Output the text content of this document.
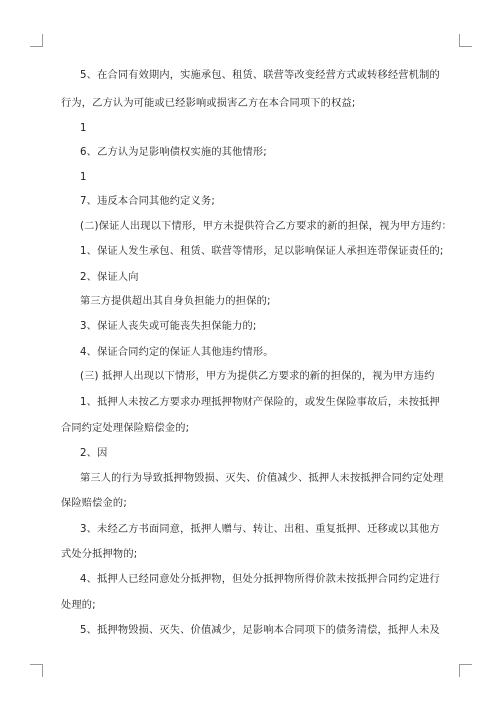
5、在合同有效期内，实施承包、租赁、联营等改变经营方式或转移经营机制的
行为，乙方认为可能或已经影响或损害乙方在本合同项下的权益;
1
6、乙方认为足影响债权实施的其他情形;
1
7、违反本合同其他约定义务;
(二)保证人出现以下情形，甲方未提供符合乙方要求的新的担保，视为甲方违约：
1、保证人发生承包、租赁、联营等情形，足以影响保证人承担连带保证责任的;
2、保证人向
第三方提供超出其自身负担能力的担保的;
3、保证人丧失或可能丧失担保能力的;
4、保证合同约定的保证人其他违约情形。
(三) 抵押人出现以下情形，甲方为提供乙方要求的新的担保的，视为甲方违约
1、抵押人未按乙方要求办理抵押物财产保险的，或发生保险事故后，未按抵押
合同约定处理保险赔偿金的;
2、因
第三人的行为导致抵押物毁损、灭失、价值减少、抵押人未按抵押合同约定处理
保险赔偿金的;
3、未经乙方书面同意，抵押人赠与、转让、出租、重复抵押、迁移或以其他方
式处分抵押物的;
4、抵押人已经同意处分抵押物，但处分抵押物所得价款未按抵押合同约定进行
处理的;
5、抵押物毁损、灭失、价值减少，足影响本合同项下的债务清偿，抵押人未及
